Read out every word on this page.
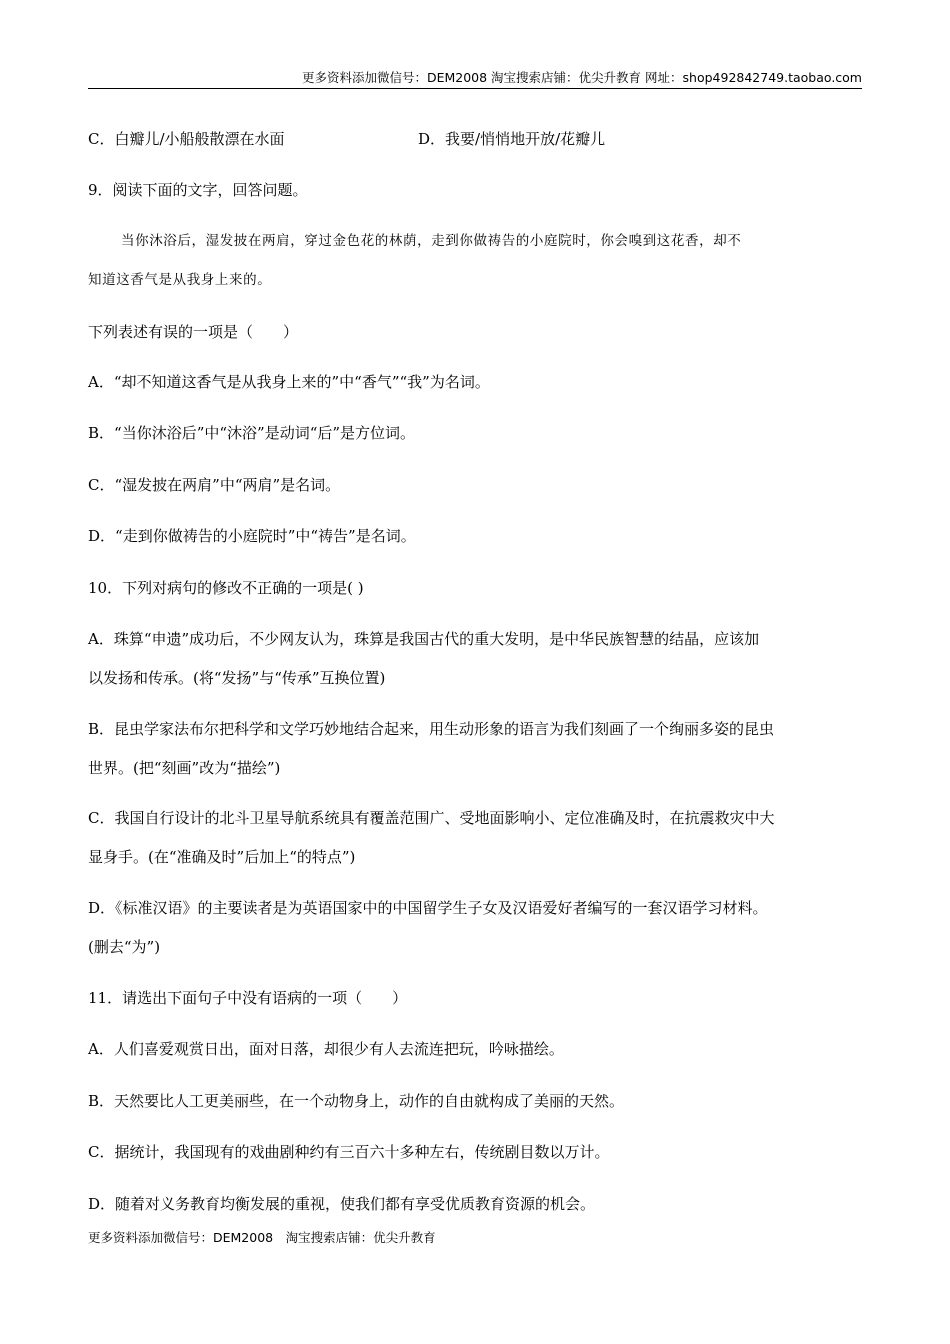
更多资料添加微信号：DEM2008 淘宝搜索店铺：优尖升教育 网址：shop492842749.taobao.com
C．白瓣儿/小船般散漂在水面	D．我要/悄悄地开放/花瓣儿
9．阅读下面的文字，回答问题。
当你沐浴后，湿发披在两肩，穿过金色花的林荫，走到你做祷告的小庭院时，你会嗅到这花香，却不
知道这香气是从我身上来的。
下列表述有误的一项是（　　）
A．“却不知道这香气是从我身上来的”中“香气”“我”为名词。
B．“当你沐浴后”中“沐浴”是动词“后”是方位词。
C．“湿发披在两肩”中“两肩”是名词。
D．“走到你做祷告的小庭院时”中“祷告”是名词。
10．下列对病句的修改不正确的一项是( )
A．珠算“申遗”成功后，不少网友认为，珠算是我国古代的重大发明，是中华民族智慧的结晶，应该加
以发扬和传承。(将“发扬”与“传承”互换位置)
B．昆虫学家法布尔把科学和文学巧妙地结合起来，用生动形象的语言为我们刻画了一个绚丽多姿的昆虫
世界。(把“刻画”改为“描绘”)
C．我国自行设计的北斗卫星导航系统具有覆盖范围广、受地面影响小、定位准确及时，在抗震救灾中大
显身手。(在“准确及时”后加上“的特点”)
D．《标准汉语》的主要读者是为英语国家中的中国留学生子女及汉语爱好者编写的一套汉语学习材料。
(删去“为”)
11．请选出下面句子中没有语病的一项（　　）
A．人们喜爱观赏日出，面对日落，却很少有人去流连把玩，吟咏描绘。
B．天然要比人工更美丽些，在一个动物身上，动作的自由就构成了美丽的天然。
C．据统计，我国现有的戏曲剧种约有三百六十多种左右，传统剧目数以万计。
D．随着对义务教育均衡发展的重视，使我们都有享受优质教育资源的机会。
更多资料添加微信号：DEM2008　淘宝搜索店铺：优尖升教育
